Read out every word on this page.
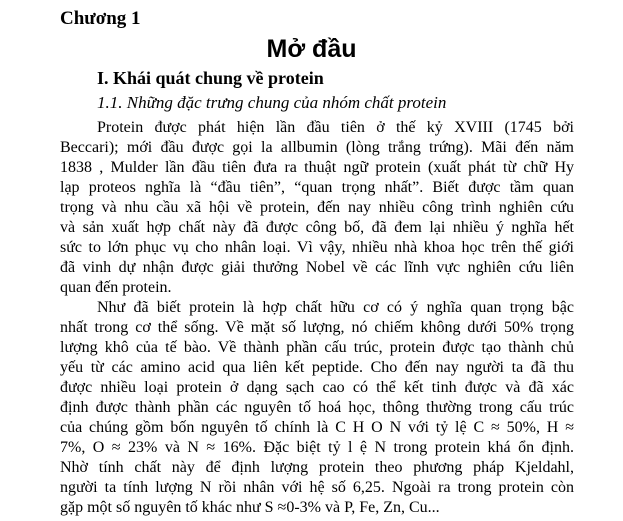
Chương 1
Mở đầu
I. Khái quát chung về protein
1.1. Những đặc trưng chung của nhóm chất protein
Protein được phát hiện lần đầu tiên ở thế kỷ XVIII (1745 bởi
Beccari); mới đầu được gọi la allbumin (lòng trắng trứng). Mãi đến năm
1838 , Mulder lần đầu tiên đưa ra thuật ngữ protein (xuất phát từ chữ Hy
lạp proteos nghĩa là “đầu tiên”, “quan trọng nhất”. Biết được tầm quan
trọng và nhu cầu xã hội về protein, đến nay nhiều công trình nghiên cứu
và sản xuất hợp chất này đã được công bố, đã đem lại nhiều ý nghĩa hết
sức to lớn phục vụ cho nhân loại. Vì vậy, nhiều nhà khoa học trên thế giới
đã vinh dự nhận được giải thưởng Nobel về các lĩnh vực nghiên cứu liên
quan đến protein.
Như đã biết protein là hợp chất hữu cơ có ý nghĩa quan trọng bậc
nhất trong cơ thể sống. Về mặt số lượng, nó chiếm không dưới 50% trọng
lượng khô của tế bào. Về thành phần cấu trúc, protein được tạo thành chủ
yếu từ các amino acid qua liên kết peptide. Cho đến nay người ta đã thu
được nhiều loại protein ở dạng sạch cao có thể kết tinh được và đã xác
định được thành phần các nguyên tố hoá học, thông thường trong cấu trúc
của chúng gồm bốn nguyên tố chính là C H O N với tỷ lệ C ≈ 50%, H ≈
7%, O ≈ 23% và N ≈ 16%. Đặc biệt tỷ l ệ N trong protein khá ổn định.
Nhờ tính chất này để định lượng protein theo phương pháp Kjeldahl,
người ta tính lượng N rồi nhân với hệ số 6,25. Ngoài ra trong protein còn
gặp một số nguyên tố khác như S ≈0-3% và P, Fe, Zn, Cu...
